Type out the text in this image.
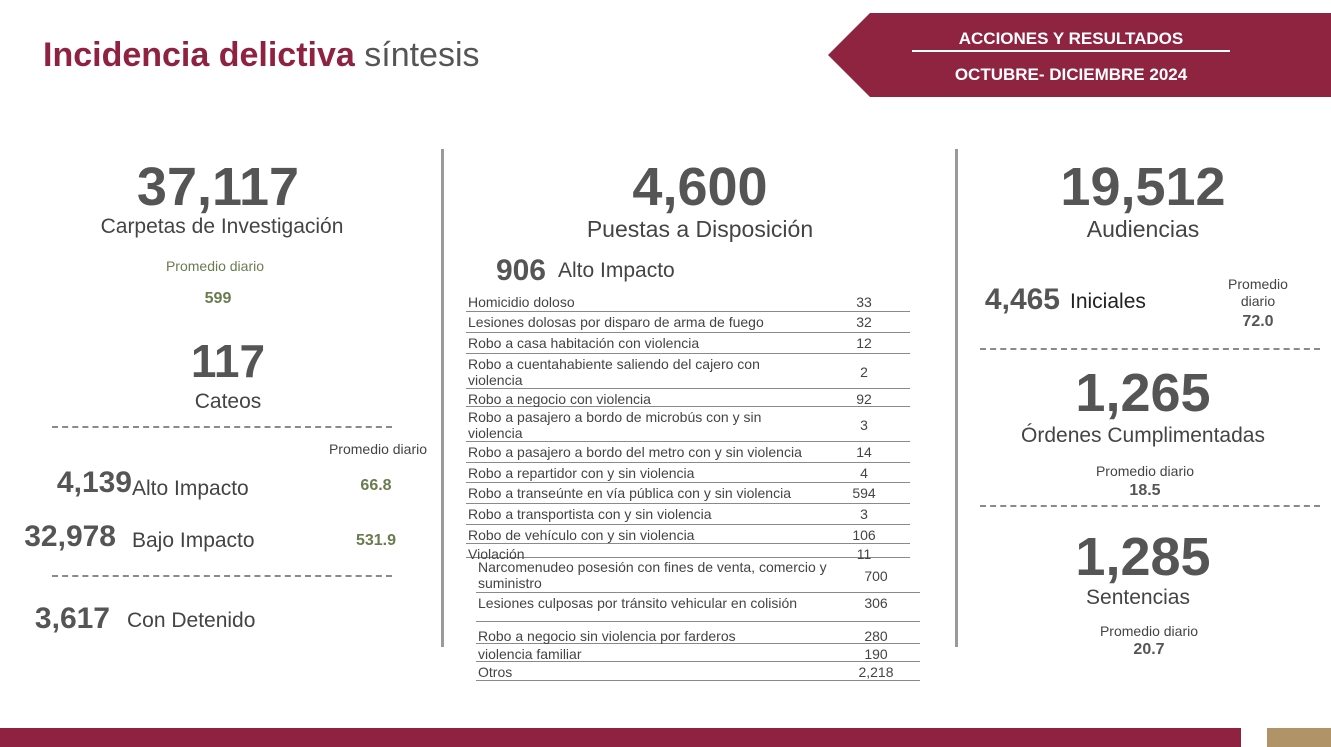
Incidencia delictiva síntesis	ACCIONES Y RESULTADOS
OCTUBRE- DICIEMBRE 2024
37,117
Carpetas de Investigación
Promedio diario
599
117
Cateos
Promedio diario
4,139 Alto Impacto	66.8
32,978 Bajo Impacto	531.9
3,617 Con Detenido
4,600
Puestas a Disposición
906 Alto Impacto
Homicidio doloso	33
Lesiones dolosas por disparo de arma de fuego	32
Robo a casa habitación con violencia	12
Robo a cuentahabiente saliendo del cajero con
violencia	2
Robo a negocio con violencia	92
Robo a pasajero a bordo de microbús con y sin
violencia	3
Robo a pasajero a bordo del metro con y sin violencia	14
Robo a repartidor con y sin violencia	4
Robo a transeúnte en vía pública con y sin violencia	594
Robo a transportista con y sin violencia	3
Robo de vehículo con y sin violencia	106
Violación	11
Narcomenudeo posesión con fines de venta, comercio y
suministro	700
Lesiones culposas por tránsito vehicular en colisión	306
Robo a negocio sin violencia por farderos	280
violencia familiar	190
Otros	2,218
19,512
Audiencias
4,465 Iniciales
Promedio
diario
72.0
1,265
Órdenes Cumplimentadas
Promedio diario
18.5
1,285
Sentencias
Promedio diario
20.7
